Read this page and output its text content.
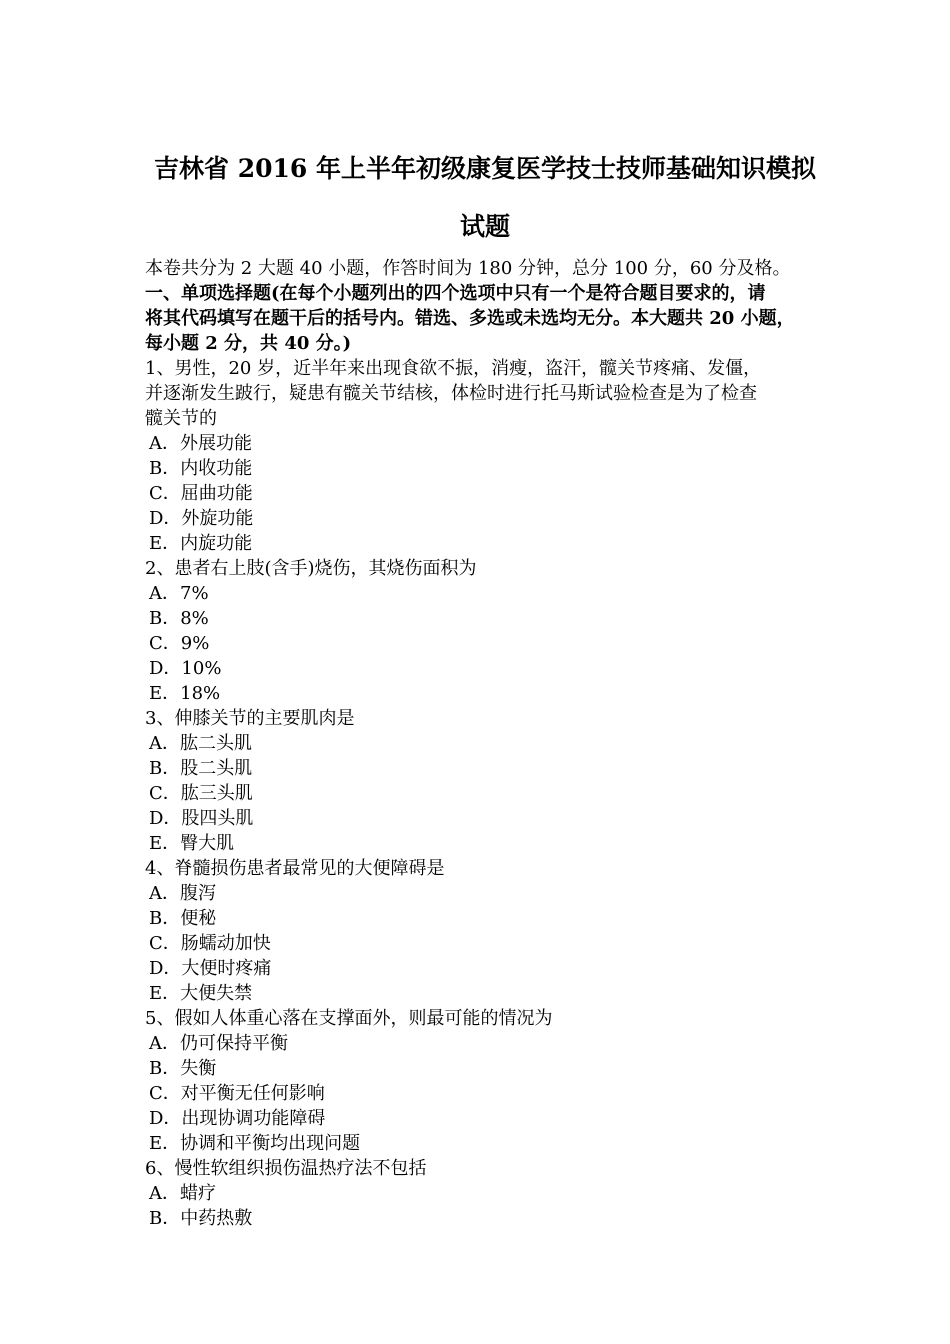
吉林省 2016 年上半年初级康复医学技士技师基础知识模拟
试题

本卷共分为 2 大题 40 小题，作答时间为 180 分钟，总分 100 分，60 分及格。

一、单项选择题(在每个小题列出的四个选项中只有一个是符合题目要求的，请

将其代码填写在题干后的括号内。错选、多选或未选均无分。本大题共 20 小题，

每小题 2 分，共 40 分。)

1、男性，20 岁，近半年来出现食欲不振，消瘦，盗汗，髋关节疼痛、发僵，

并逐渐发生跛行，疑患有髋关节结核，体检时进行托马斯试验检查是为了检查

髋关节的

A．外展功能

B．内收功能

C．屈曲功能

D．外旋功能

E．内旋功能

2、患者右上肢(含手)烧伤，其烧伤面积为

A．7%

B．8%

C．9%

D．10%

E．18%

3、伸膝关节的主要肌肉是

A．肱二头肌

B．股二头肌

C．肱三头肌

D．股四头肌

E．臀大肌

4、脊髓损伤患者最常见的大便障碍是

A．腹泻

B．便秘

C．肠蠕动加快

D．大便时疼痛

E．大便失禁

5、假如人体重心落在支撑面外，则最可能的情况为

A．仍可保持平衡

B．失衡

C．对平衡无任何影响

D．出现协调功能障碍

E．协调和平衡均出现问题

6、慢性软组织损伤温热疗法不包括

A．蜡疗

B．中药热敷
